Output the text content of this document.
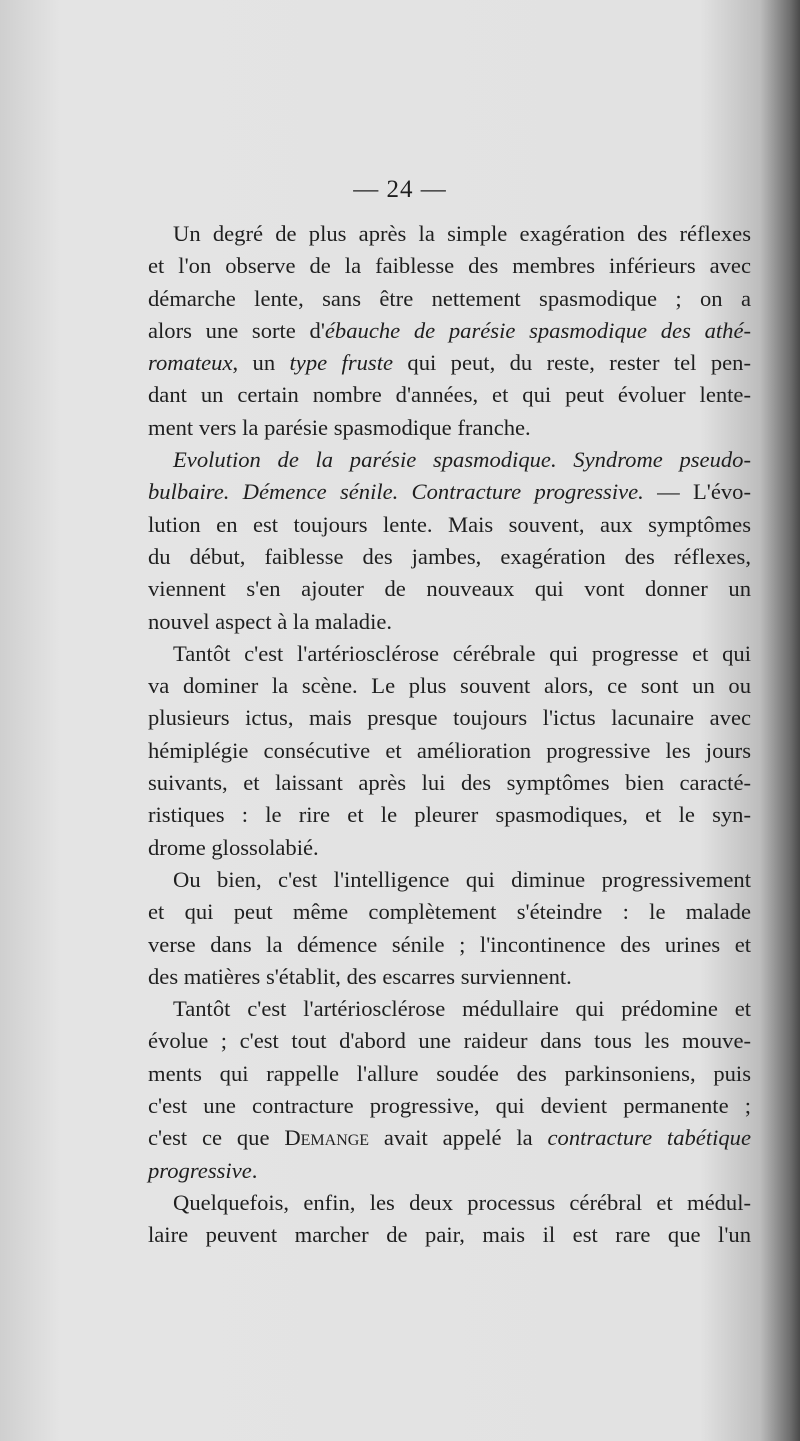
— 24 —
Un degré de plus après la simple exagération des réflexes
et l'on observe de la faiblesse des membres inférieurs avec
démarche lente, sans être nettement spasmodique ; on a
alors une sorte d'ébauche de parésie spasmodique des athé-
romateux, un type fruste qui peut, du reste, rester tel pen-
dant un certain nombre d'années, et qui peut évoluer lente-
ment vers la parésie spasmodique franche.
Evolution de la parésie spasmodique. Syndrome pseudo-
bulbaire. Démence sénile. Contracture progressive. — L'évo-
lution en est toujours lente. Mais souvent, aux symptômes
du début, faiblesse des jambes, exagération des réflexes,
viennent s'en ajouter de nouveaux qui vont donner un
nouvel aspect à la maladie.
Tantôt c'est l'artériosclérose cérébrale qui progresse et qui
va dominer la scène. Le plus souvent alors, ce sont un ou
plusieurs ictus, mais presque toujours l'ictus lacunaire avec
hémiplégie consécutive et amélioration progressive les jours
suivants, et laissant après lui des symptômes bien caracté-
ristiques : le rire et le pleurer spasmodiques, et le syn-
drome glossolabié.
Ou bien, c'est l'intelligence qui diminue progressivement
et qui peut même complètement s'éteindre : le malade
verse dans la démence sénile ; l'incontinence des urines et
des matières s'établit, des escarres surviennent.
Tantôt c'est l'artériosclérose médullaire qui prédomine et
évolue ; c'est tout d'abord une raideur dans tous les mouve-
ments qui rappelle l'allure soudée des parkinsoniens, puis
c'est une contracture progressive, qui devient permanente ;
c'est ce que Demange avait appelé la contracture tabétique
progressive.
Quelquefois, enfin, les deux processus cérébral et médul-
laire peuvent marcher de pair, mais il est rare que l'un
